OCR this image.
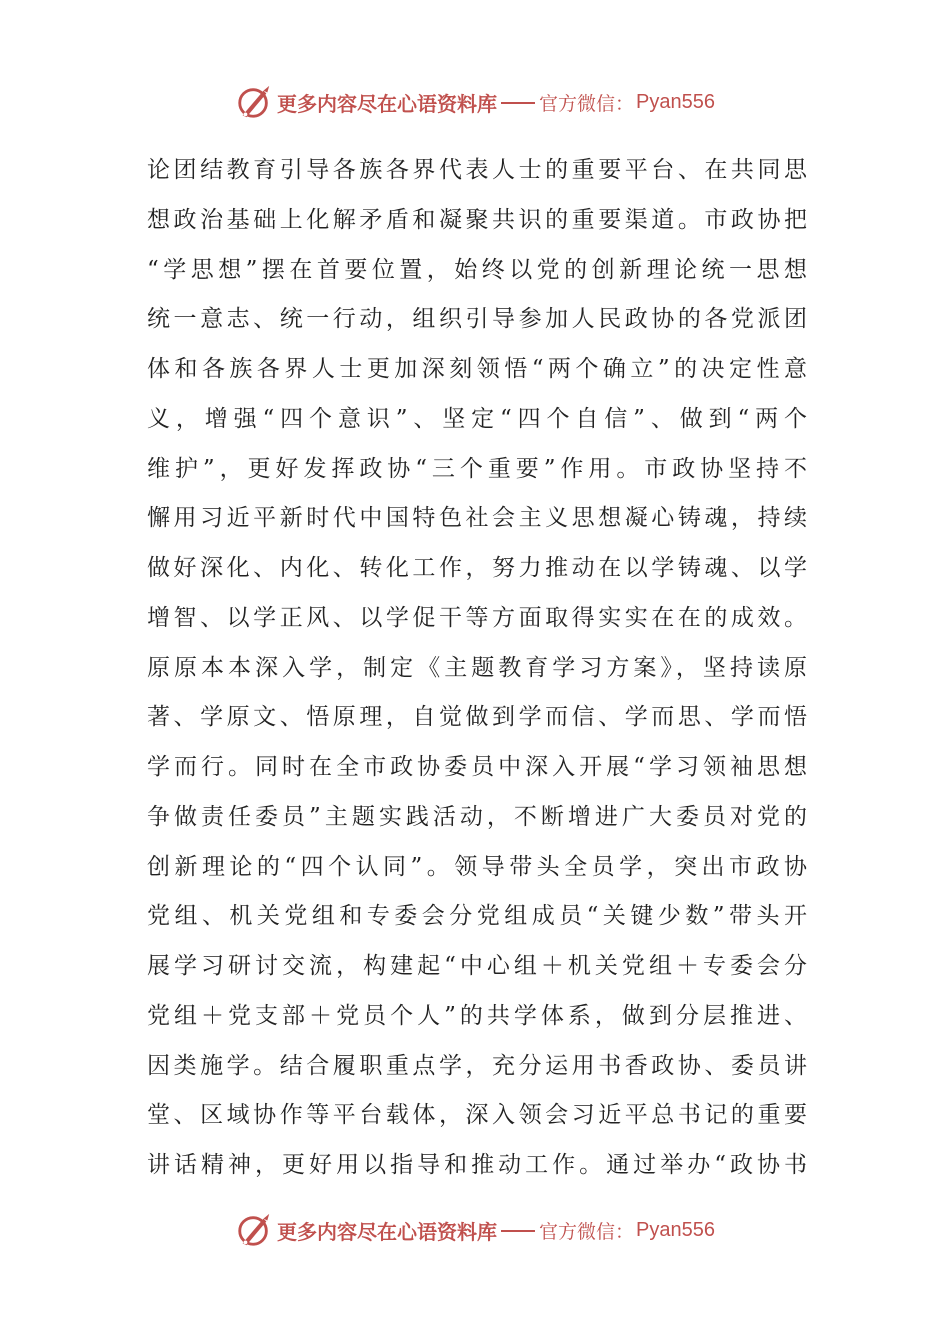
更多内容尽在心语资料库 官方微信： Pyan556
论团结教育引导各族各界代表人士的重要平台、在共同思
想政治基础上化解矛盾和凝聚共识的重要渠道。市政协把
“学思想”摆在首要位置，始终以党的创新理论统一思想
统一意志、统一行动，组织引导参加人民政协的各党派团
体和各族各界人士更加深刻领悟“两个确立”的决定性意
义，增强“四个意识”、坚定“四个自信”、做到“两个
维护”，更好发挥政协“三个重要”作用。市政协坚持不
懈用习近平新时代中国特色社会主义思想凝心铸魂，持续
做好深化、内化、转化工作，努力推动在以学铸魂、以学
增智、以学正风、以学促干等方面取得实实在在的成效。
原原本本深入学，制定《主题教育学习方案》，坚持读原
著、学原文、悟原理，自觉做到学而信、学而思、学而悟
学而行。同时在全市政协委员中深入开展“学习领袖思想
争做责任委员”主题实践活动，不断增进广大委员对党的
创新理论的“四个认同”。领导带头全员学，突出市政协
党组、机关党组和专委会分党组成员“关键少数”带头开
展学习研讨交流，构建起“中心组＋机关党组＋专委会分
党组＋党支部＋党员个人”的共学体系，做到分层推进、
因类施学。结合履职重点学，充分运用书香政协、委员讲
堂、区域协作等平台载体，深入领会习近平总书记的重要
讲话精神，更好用以指导和推动工作。通过举办“政协书
更多内容尽在心语资料库 官方微信： Pyan556
